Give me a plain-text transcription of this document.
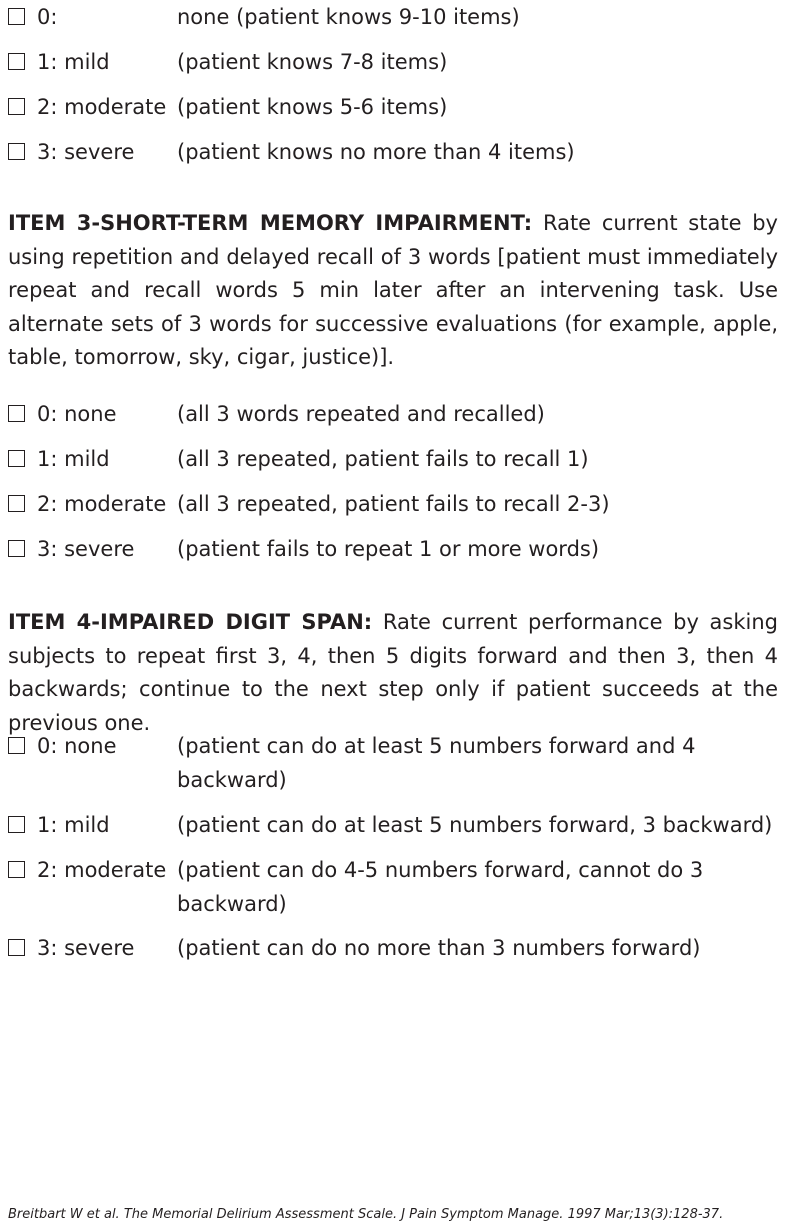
0:	none (patient knows 9-10 items)
1: mild	(patient knows 7-8 items)
2: moderate (patient knows 5-6 items)
3: severe	(patient knows no more than 4 items)

ITEM 3-SHORT-TERM MEMORY IMPAIRMENT: Rate current state by using repetition and delayed recall of 3 words [patient must immediately repeat and recall words 5 min later after an intervening task. Use alternate sets of 3 words for successive evaluations (for example, apple, table, tomorrow, sky, cigar, justice)].

0: none	(all 3 words repeated and recalled)
1: mild	(all 3 repeated, patient fails to recall 1)
2: moderate (all 3 repeated, patient fails to recall 2-3)
3: severe	(patient fails to repeat 1 or more words)

ITEM 4-IMPAIRED DIGIT SPAN: Rate current performance by asking subjects to repeat first 3, 4, then 5 digits forward and then 3, then 4 backwards; continue to the next step only if patient succeeds at the previous one.

0: none	(patient can do at least 5 numbers forward and 4 backward)
1: mild	(patient can do at least 5 numbers forward, 3 backward)
2: moderate (patient can do 4-5 numbers forward, cannot do 3 backward)
3: severe	(patient can do no more than 3 numbers forward)
Breitbart W et al. The Memorial Delirium Assessment Scale. J Pain Symptom Manage. 1997 Mar;13(3):128-37.
